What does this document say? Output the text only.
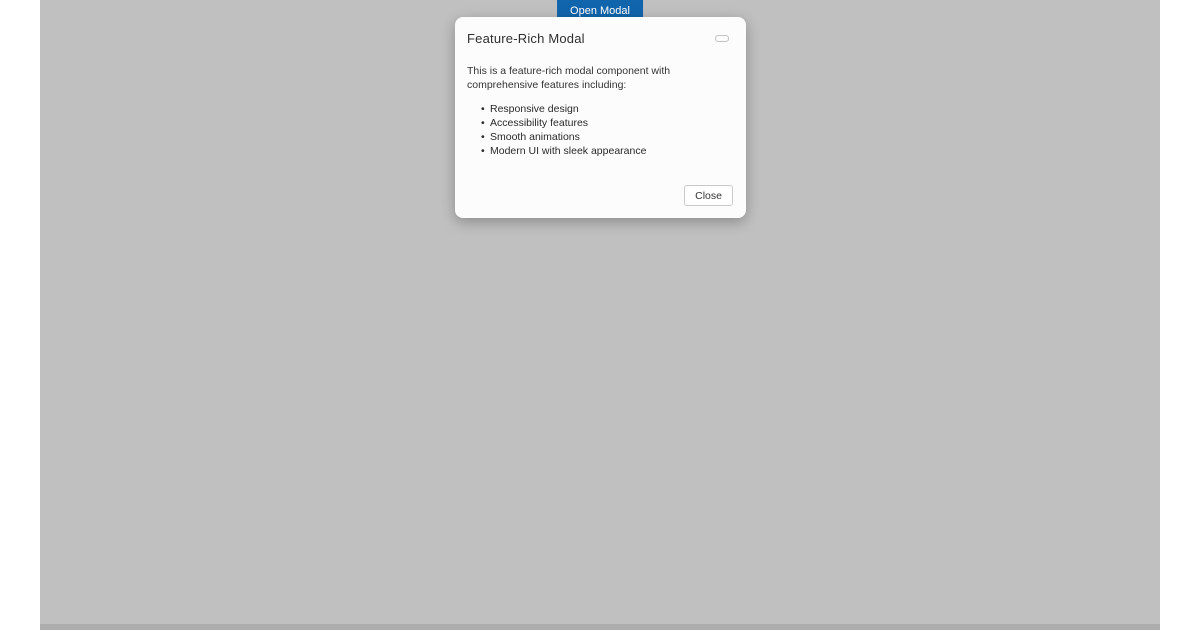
Open Modal
Feature-Rich Modal

This is a feature-rich modal component with comprehensive features including:

• Responsive design
• Accessibility features
• Smooth animations
• Modern UI with sleek appearance
Close
